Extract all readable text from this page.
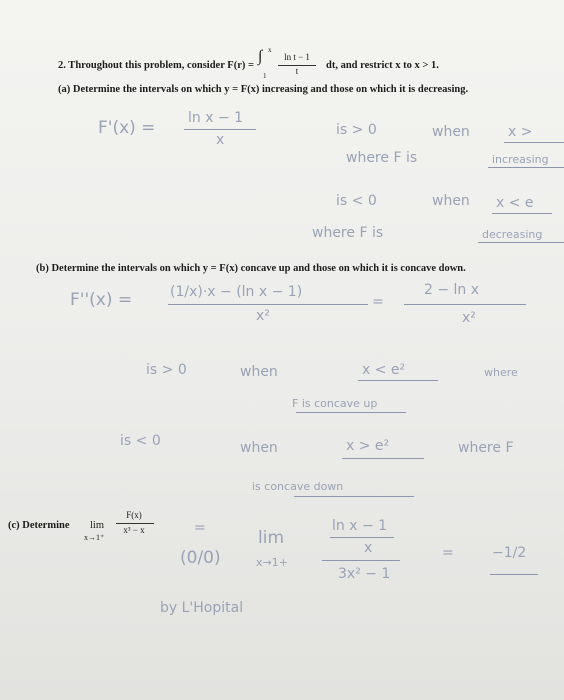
2. Throughout this problem, consider F(r) =
∫ x
1
ln t − 1
t	dt, and restrict x to x > 1.
(a) Determine the intervals on which y = F(x) increasing and those on which it is decreasing.
F'(x) = ln x − 1
x
is > 0	when	x >
where F is	increasing
is < 0	when x < e
where F is	decreasing
(b) Determine the intervals on which y = F(x) concave up and those on which it is concave down.
F''(x) =	(1/x)·x − (ln x − 1)
x²
=
2 − ln x
x²
is > 0	when	x < e²	where
F is concave up
is < 0	when	x > e²	where F
is concave down
(c) Determine lim
x→1⁺
F(x)
x³ − x	=
(0/0)
lim
x→1+
ln x − 1
x
3x² − 1
=	−1/2
by L'Hopital
